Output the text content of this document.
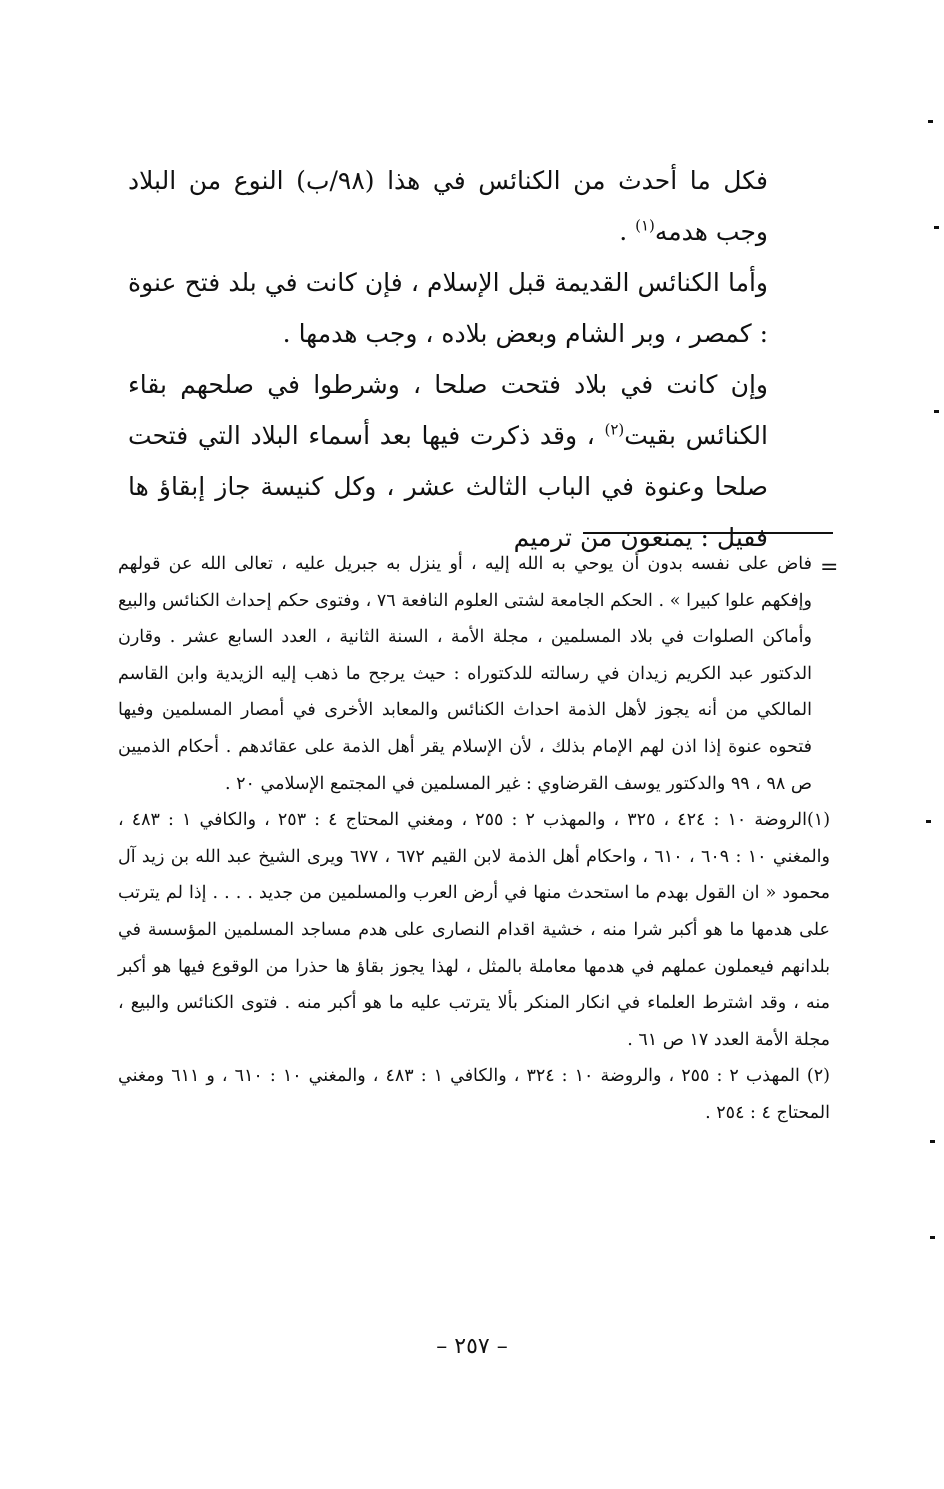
فكل ما أحدث من الكنائس في هذا (٩٨/ب) النوع من البلاد وجب هدمه$^{(١)}$ .

وأما الكنائس القديمة قبل الإسلام ، فإن كانت في بلد فتح عنوة : كمصر ، وبر الشام وبعض بلاده ، وجب هدمها .

وإن كانت في بلاد فتحت صلحا ، وشرطوا في صلحهم بقاء الكنائس بقيت$^{(٢)}$ ، وقد ذكرت فيها بعد أسماء البلاد التي فتحت صلحا وعنوة في الباب الثالث عشر ، وكل كنيسة جاز إبقاؤ ها فقيل : يمنعون من ترميم

=

فاض على نفسه بدون أن يوحي به الله إليه ، أو ينزل به جبريل عليه ، تعالى الله عن قولهم وإفكهم علوا كبيرا » . الحكم الجامعة لشتى العلوم النافعة ٧٦ ، وفتوى حكم إحداث الكنائس والبيع وأماكن الصلوات في بلاد المسلمين ، مجلة الأمة ، السنة الثانية ، العدد السابع عشر . وقارن الدكتور عبد الكريم زيدان في رسالته للدكتوراه : حيث يرجح ما ذهب إليه الزيدية وابن القاسم المالكي من أنه يجوز لأهل الذمة احداث الكنائس والمعابد الأخرى في أمصار المسلمين وفيها فتحوه عنوة إذا اذن لهم الإمام بذلك ، لأن الإسلام يقر أهل الذمة على عقائدهم . أحكام الذميين ص ٩٨ ، ٩٩ والدكتور يوسف القرضاوي : غير المسلمين في المجتمع الإسلامي ٢٠ .

(١)الروضة ١٠ : ٤٢٤ ، ٣٢٥ ، والمهذب ٢ : ٢٥٥ ، ومغني المحتاج ٤ : ٢٥٣ ، والكافي ١ : ٤٨٣ ، والمغني ١٠ : ٦٠٩ ، ٦١٠ ، واحكام أهل الذمة لابن القيم ٦٧٢ ، ٦٧٧ ويرى الشيخ عبد الله بن زيد آل محمود « ان القول بهدم ما استحدث منها في أرض العرب والمسلمين من جديد . . . . إذا لم يترتب على هدمها ما هو أكبر شرا منه ، خشية اقدام النصارى على هدم مساجد المسلمين المؤسسة في بلدانهم فيعملون عملهم في هدمها معاملة بالمثل ، لهذا يجوز بقاؤ ها حذرا من الوقوع فيها هو أكبر منه ، وقد اشترط العلماء في انكار المنكر بألا يترتب عليه ما هو أكبر منه . فتوى الكنائس والبيع ، مجلة الأمة العدد ١٧ ص ٦١ .

(٢) المهذب ٢ : ٢٥٥ ، والروضة ١٠ : ٣٢٤ ، والكافي ١ : ٤٨٣ ، والمغني ١٠ : ٦١٠ ، و ٦١١ ومغني المحتاج ٤ : ٢٥٤ .

– ٢٥٧ –
